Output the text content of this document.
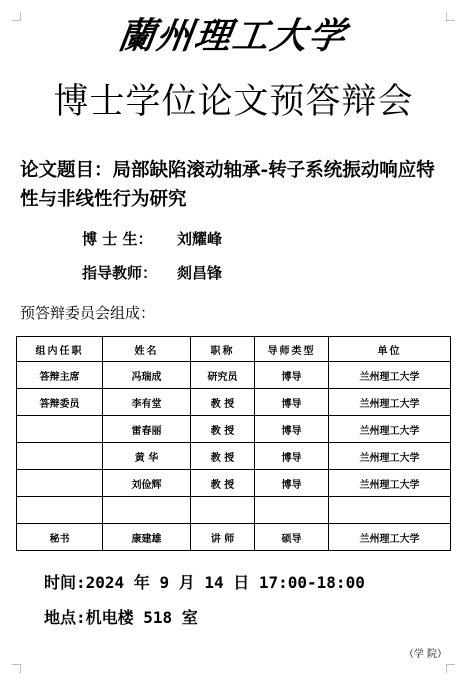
蘭州理工大学
博士学位论文预答辩会
论文题目：局部缺陷滚动轴承-转子系统振动响应特性与非线性行为研究
博 士 生： 刘耀峰
指导教师： 剡昌锋
预答辩委员会组成：
组内任职	姓名	职称	导师类型	单位
答辩主席	冯瑞成	研究员	博导	兰州理工大学
答辩委员	李有堂	教 授	博导	兰州理工大学
	雷春丽	教 授	博导	兰州理工大学
	黄 华	教 授	博导	兰州理工大学
	刘俭辉	教 授	博导	兰州理工大学

秘书	康建雄	讲 师	硕导	兰州理工大学
时间:2024 年 9 月 14 日 17:00-18:00
地点:机电楼 518 室
（学 院）
